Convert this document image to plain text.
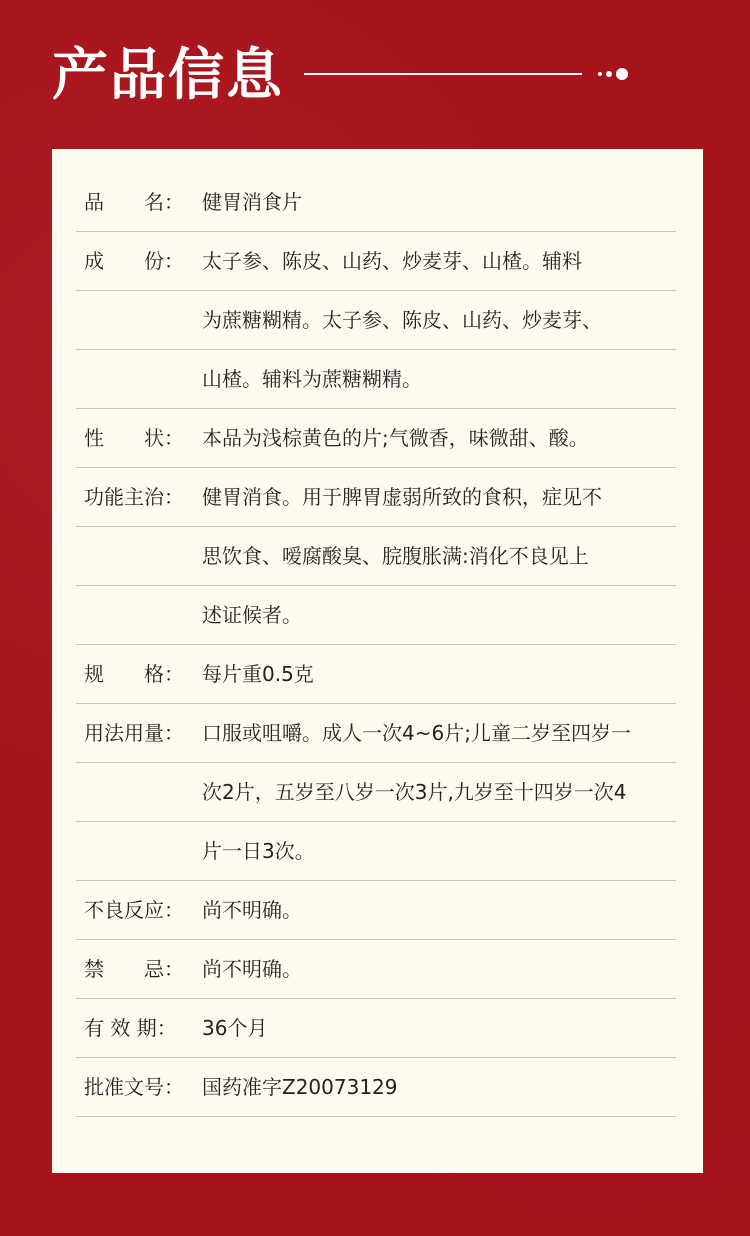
产品信息
品　　名： 健胃消食片
成　　份： 太子参、陈皮、山药、炒麦芽、山楂。辅料
为蔗糖糊精。太子参、陈皮、山药、炒麦芽、
山楂。辅料为蔗糖糊精。
性　　状： 本品为浅棕黄色的片;气微香，味微甜、酸。
功能主治： 健胃消食。用于脾胃虚弱所致的食积，症见不
思饮食、嗳腐酸臭、脘腹胀满:消化不良见上
述证候者。
规　　格： 每片重0.5克
用法用量： 口服或咀嚼。成人一次4~6片;儿童二岁至四岁一
次2片，五岁至八岁一次3片,九岁至十四岁一次4
片一日3次。
不良反应： 尚不明确。
禁　　忌： 尚不明确。
有 效 期：	36个月
批准文号： 国药准字Z20073129
